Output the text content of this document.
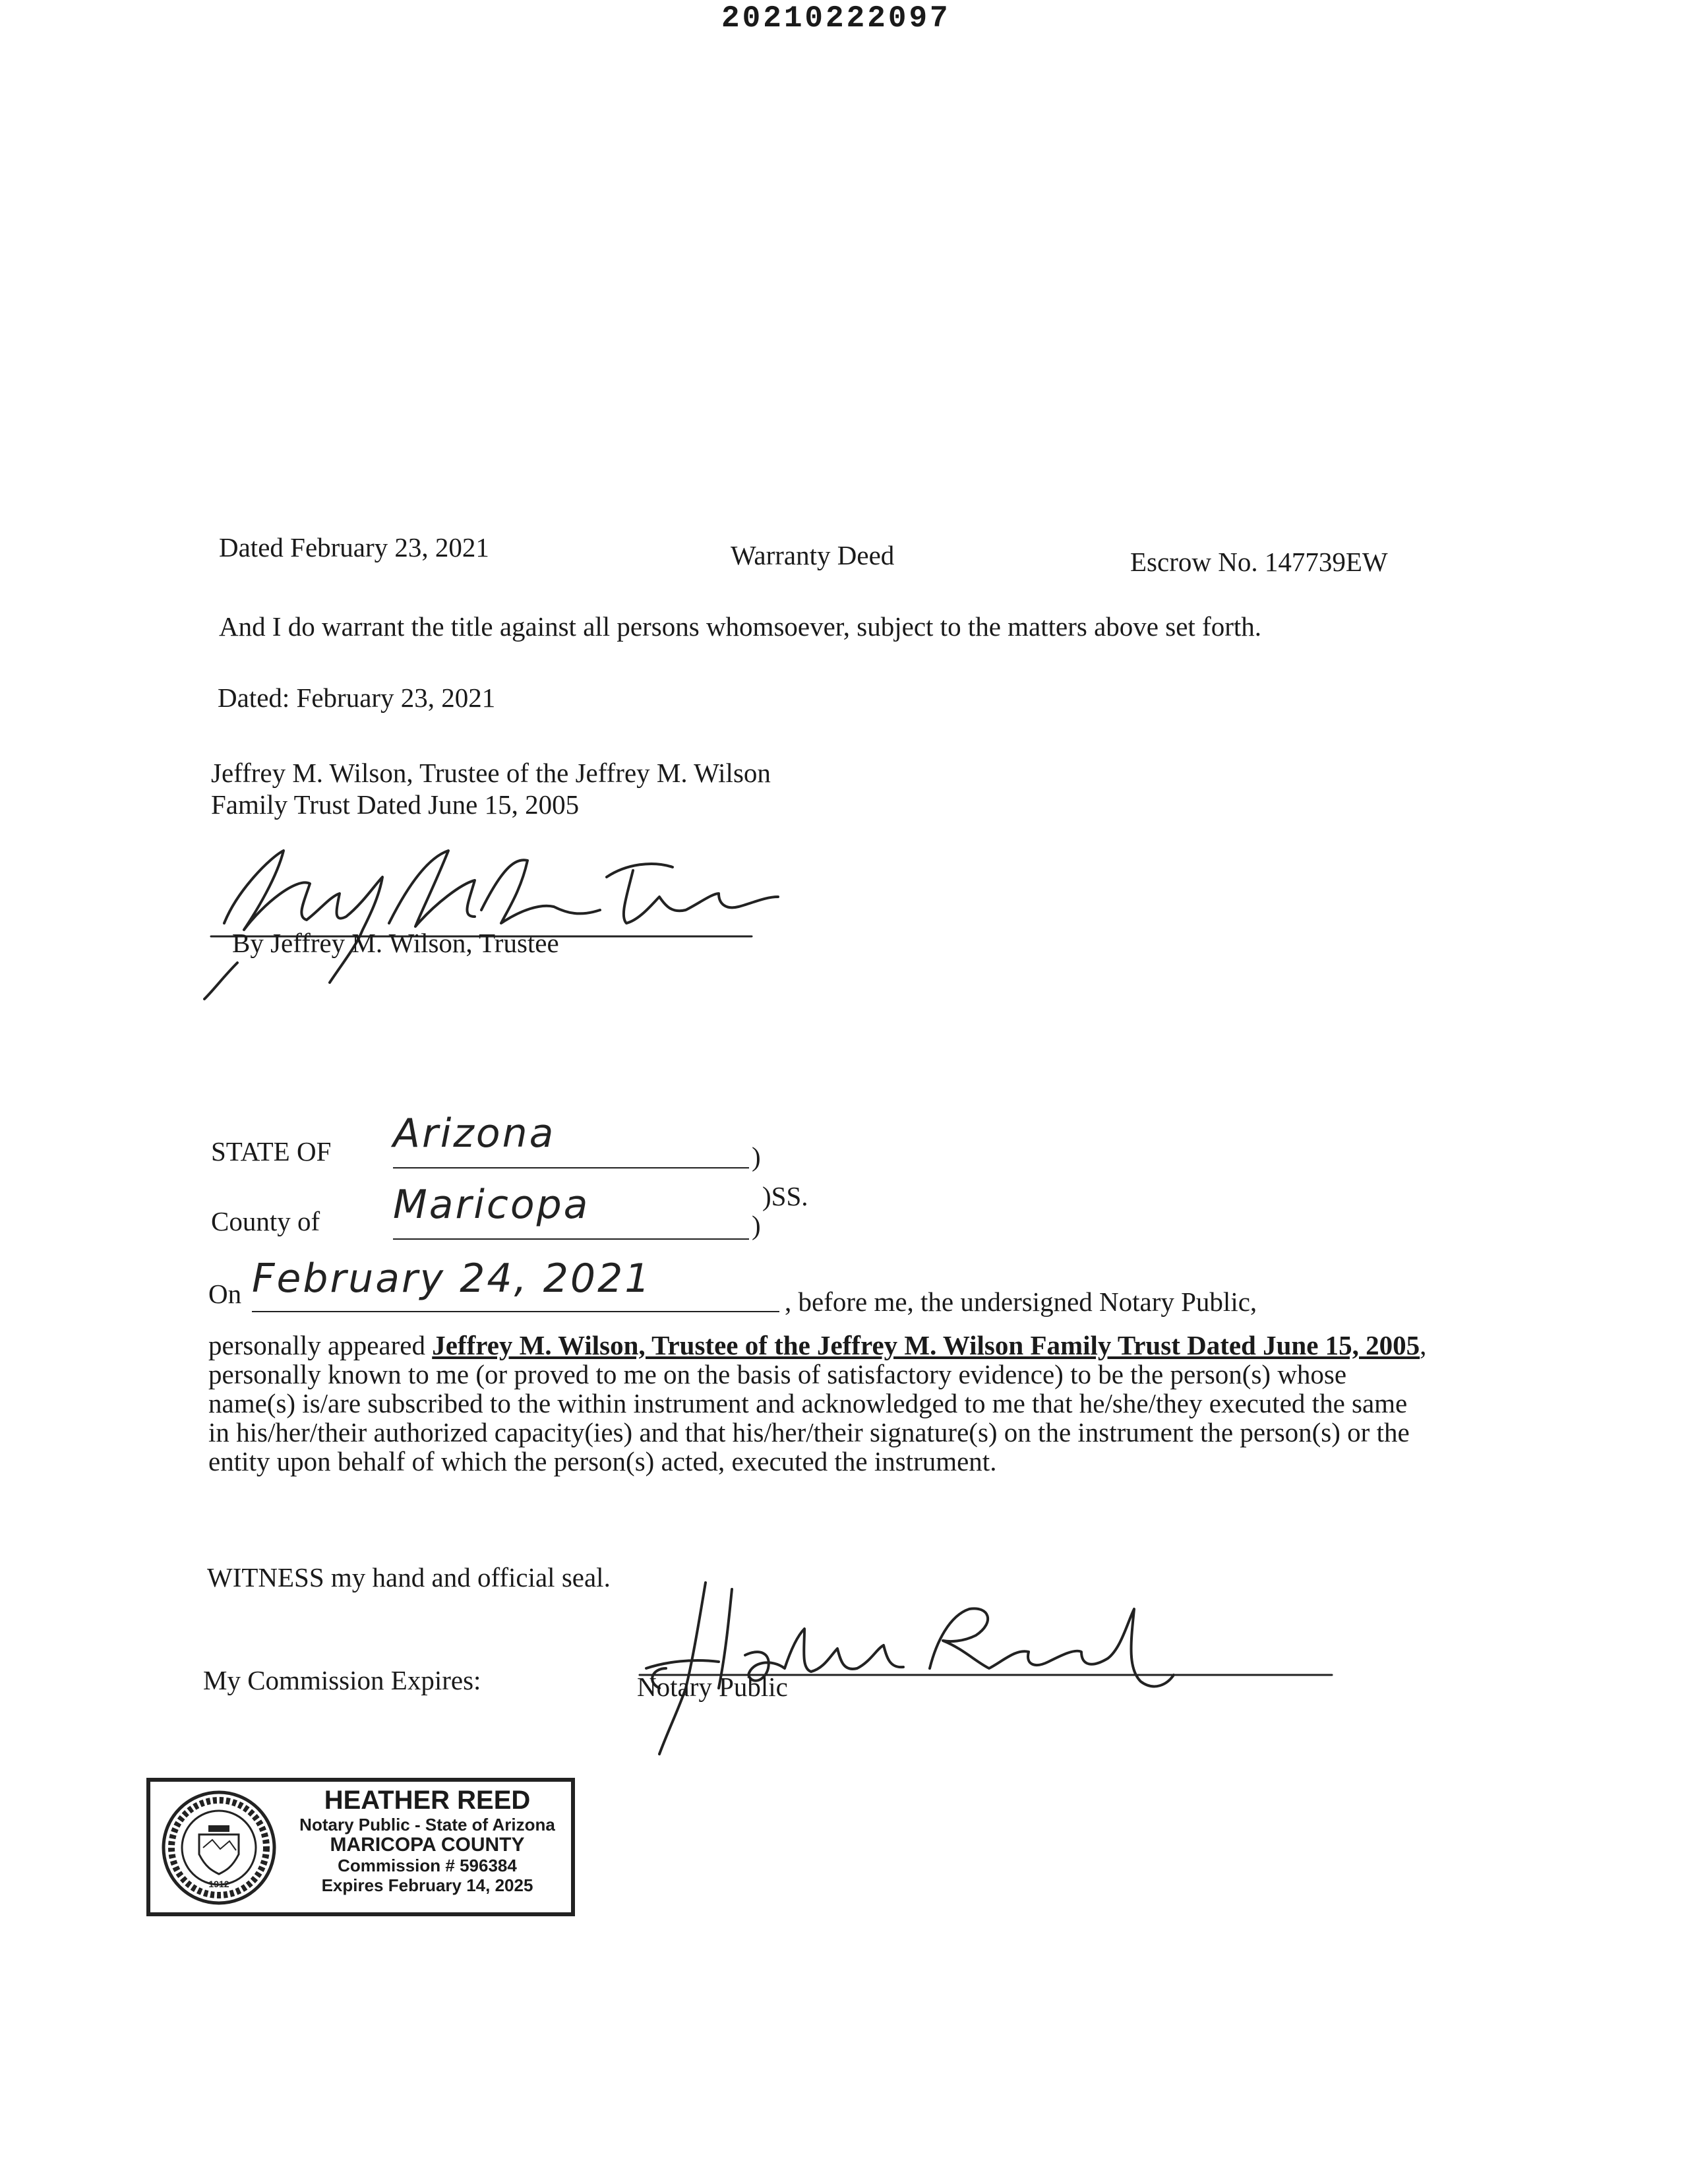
20210222097
Dated February 23, 2021	Warranty Deed	Escrow No. 147739EW
And I do warrant the title against all persons whomsoever, subject to the matters above set forth.
Dated: February 23, 2021
Jeffrey M. Wilson, Trustee of the Jeffrey M. Wilson
Family Trust Dated June 15, 2005
By Jeffrey M. Wilson, Trustee
STATE OF Arizona	)
)SS.
County of Maricopa	)
On February 24, 2021	, before me, the undersigned Notary Public,
personally appeared Jeffrey M. Wilson, Trustee of the Jeffrey M. Wilson Family Trust Dated June 15, 2005, personally known to me (or proved to me on the basis of satisfactory evidence) to be the person(s) whose name(s) is/are subscribed to the within instrument and acknowledged to me that he/she/they executed the same in his/her/their authorized capacity(ies) and that his/her/their signature(s) on the instrument the person(s) or the entity upon behalf of which the person(s) acted, executed the instrument.
WITNESS my hand and official seal.
My Commission Expires:	Notary Public
1912
HEATHER REED
Notary Public - State of Arizona
MARICOPA COUNTY
Commission # 596384
Expires February 14, 2025
